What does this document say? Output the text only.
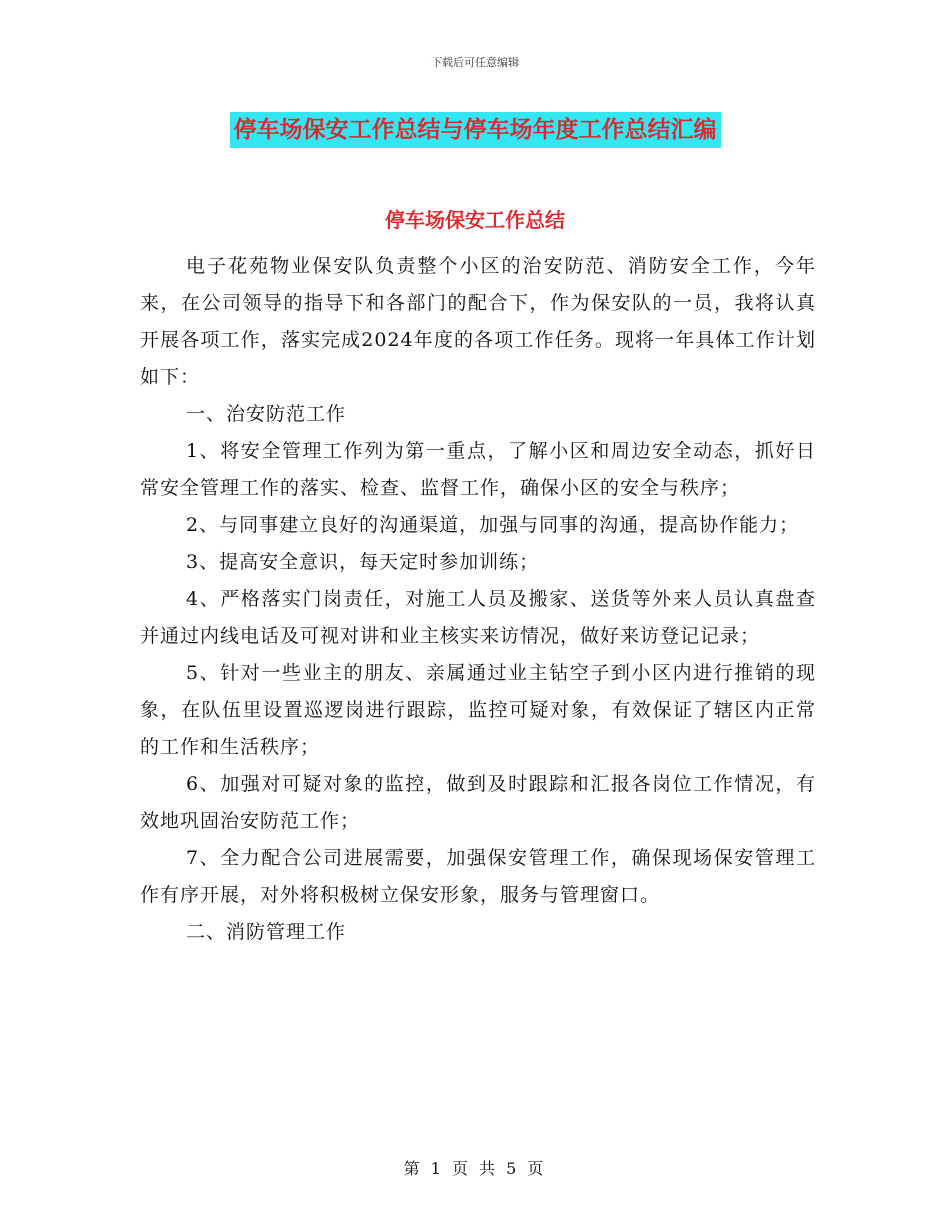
下载后可任意编辑
停车场保安工作总结与停车场年度工作总结汇编
停车场保安工作总结

电子花苑物业保安队负责整个小区的治安防范、消防安全工作，今年来，在公司领导的指导下和各部门的配合下，作为保安队的一员，我将认真开展各项工作，落实完成2024年度的各项工作任务。现将一年具体工作计划如下：

一、治安防范工作

1、将安全管理工作列为第一重点，了解小区和周边安全动态，抓好日常安全管理工作的落实、检查、监督工作，确保小区的安全与秩序；

2、与同事建立良好的沟通渠道，加强与同事的沟通，提高协作能力；

3、提高安全意识，每天定时参加训练；

4、严格落实门岗责任，对施工人员及搬家、送货等外来人员认真盘查并通过内线电话及可视对讲和业主核实来访情况，做好来访登记记录；

5、针对一些业主的朋友、亲属通过业主钻空子到小区内进行推销的现象，在队伍里设置巡逻岗进行跟踪，监控可疑对象，有效保证了辖区内正常的工作和生活秩序；

6、加强对可疑对象的监控，做到及时跟踪和汇报各岗位工作情况，有效地巩固治安防范工作；

7、全力配合公司进展需要，加强保安管理工作，确保现场保安管理工作有序开展，对外将积极树立保安形象，服务与管理窗口。

二、消防管理工作

第 1 页 共 5 页
